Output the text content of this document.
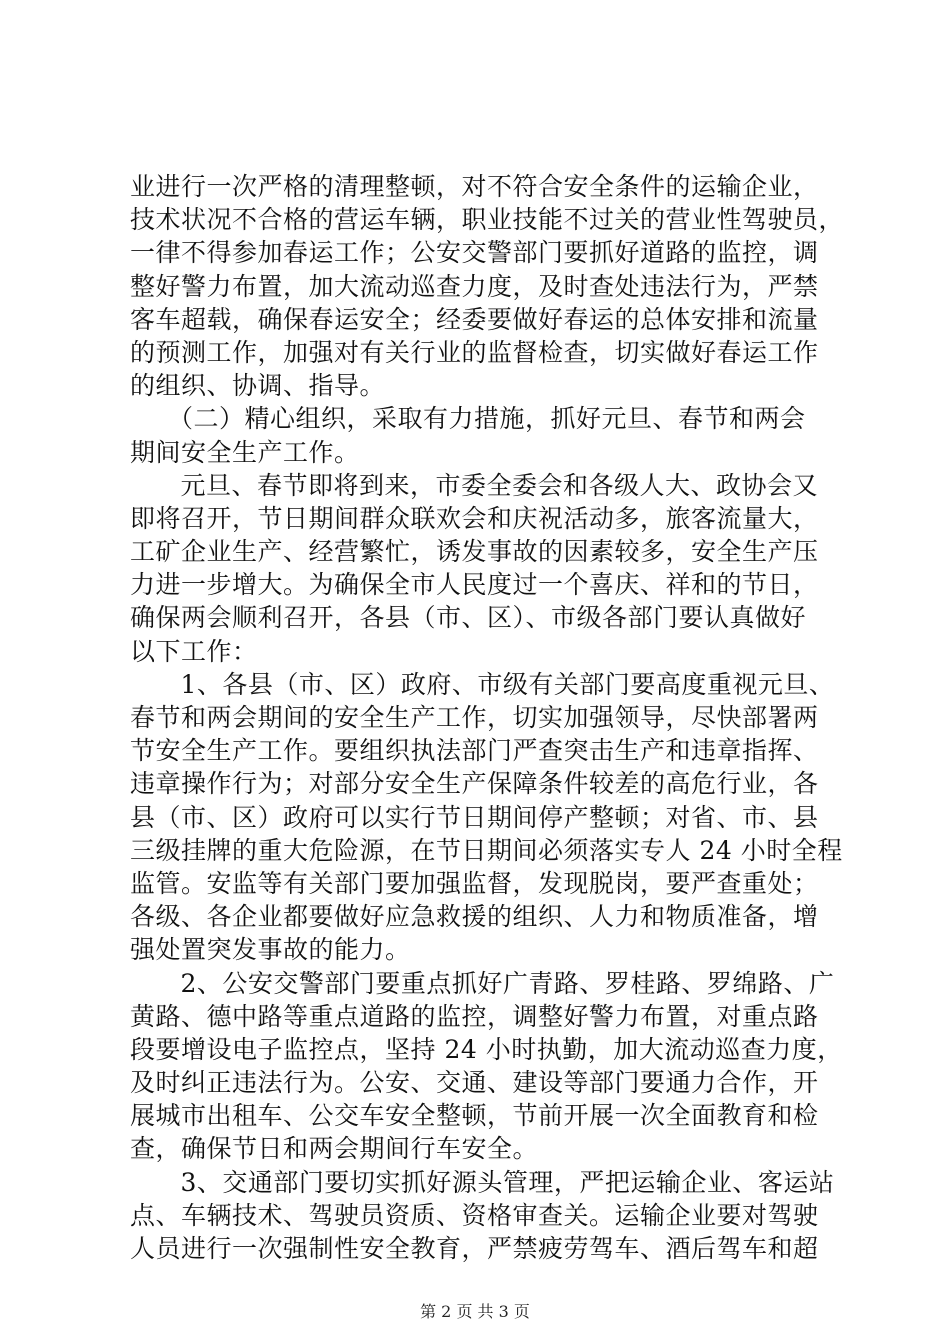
业进行一次严格的清理整顿，对不符合安全条件的运输企业，
技术状况不合格的营运车辆，职业技能不过关的营业性驾驶员，
一律不得参加春运工作；公安交警部门要抓好道路的监控，调
整好警力布置，加大流动巡查力度，及时查处违法行为，严禁
客车超载，确保春运安全；经委要做好春运的总体安排和流量
的预测工作，加强对有关行业的监督检查，切实做好春运工作
的组织、协调、指导。
　（二）精心组织，采取有力措施，抓好元旦、春节和两会
期间安全生产工作。
　元旦、春节即将到来，市委全委会和各级人大、政协会又
即将召开，节日期间群众联欢会和庆祝活动多，旅客流量大，
工矿企业生产、经营繁忙，诱发事故的因素较多，安全生产压
力进一步增大。为确保全市人民度过一个喜庆、祥和的节日，
确保两会顺利召开，各县（市、区）、市级各部门要认真做好
以下工作：
　1、各县（市、区）政府、市级有关部门要高度重视元旦、
春节和两会期间的安全生产工作，切实加强领导，尽快部署两
节安全生产工作。要组织执法部门严查突击生产和违章指挥、
违章操作行为；对部分安全生产保障条件较差的高危行业，各
县（市、区）政府可以实行节日期间停产整顿；对省、市、县
三级挂牌的重大危险源，在节日期间必须落实专人 24 小时全程
监管。安监等有关部门要加强监督，发现脱岗，要严查重处；
各级、各企业都要做好应急救援的组织、人力和物质准备，增
强处置突发事故的能力。
　2、公安交警部门要重点抓好广青路、罗桂路、罗绵路、广
黄路、德中路等重点道路的监控，调整好警力布置，对重点路
段要增设电子监控点，坚持 24 小时执勤，加大流动巡查力度，
及时纠正违法行为。公安、交通、建设等部门要通力合作，开
展城市出租车、公交车安全整顿，节前开展一次全面教育和检
查，确保节日和两会期间行车安全。
　3、交通部门要切实抓好源头管理，严把运输企业、客运站
点、车辆技术、驾驶员资质、资格审查关。运输企业要对驾驶
人员进行一次强制性安全教育，严禁疲劳驾车、酒后驾车和超
第 2 页 共 3 页
